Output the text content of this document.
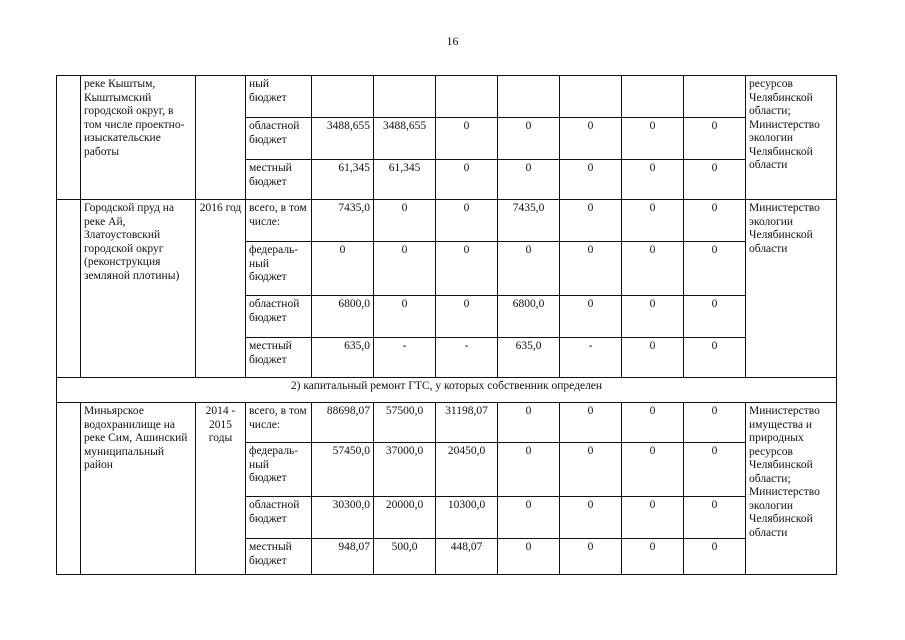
16
	реке Кыштым, Кыштымский городской округ, в том числе проектно-изыскательские работы		ный бюджет								ресурсов Челябинской области; Министерство экологии Челябинской области
			областной бюджет	3488,655	3488,655	0	0	0	0	0	
			местный бюджет	61,345	61,345	0	0	0	0	0	
	Городской пруд на реке Ай, Златоустовский городской округ (реконструкция земляной плотины)	2016 год	всего, в том числе:	7435,0	0	0	7435,0	0	0	0	Министерство экологии Челябинской области
			федераль-ный бюджет	0	0	0	0	0	0	0	
			областной бюджет	6800,0	0	0	6800,0	0	0	0	
			местный бюджет	635,0	-	-	635,0	-	0	0	
2) капитальный ремонт ГТС, у которых собственник определен											
	Миньярское водохранилище на реке Сим, Ашинский муниципальный район	2014 - 2015 годы	всего, в том числе:	88698,07	57500,0	31198,07	0	0	0	0	Министерство имущества и природных ресурсов Челябинской области; Министерство экологии Челябинской области
			федераль-ный бюджет	57450,0	37000,0	20450,0	0	0	0	0	
			областной бюджет	30300,0	20000,0	10300,0	0	0	0	0	
			местный бюджет	948,07	500,0	448,07	0	0	0	0	
